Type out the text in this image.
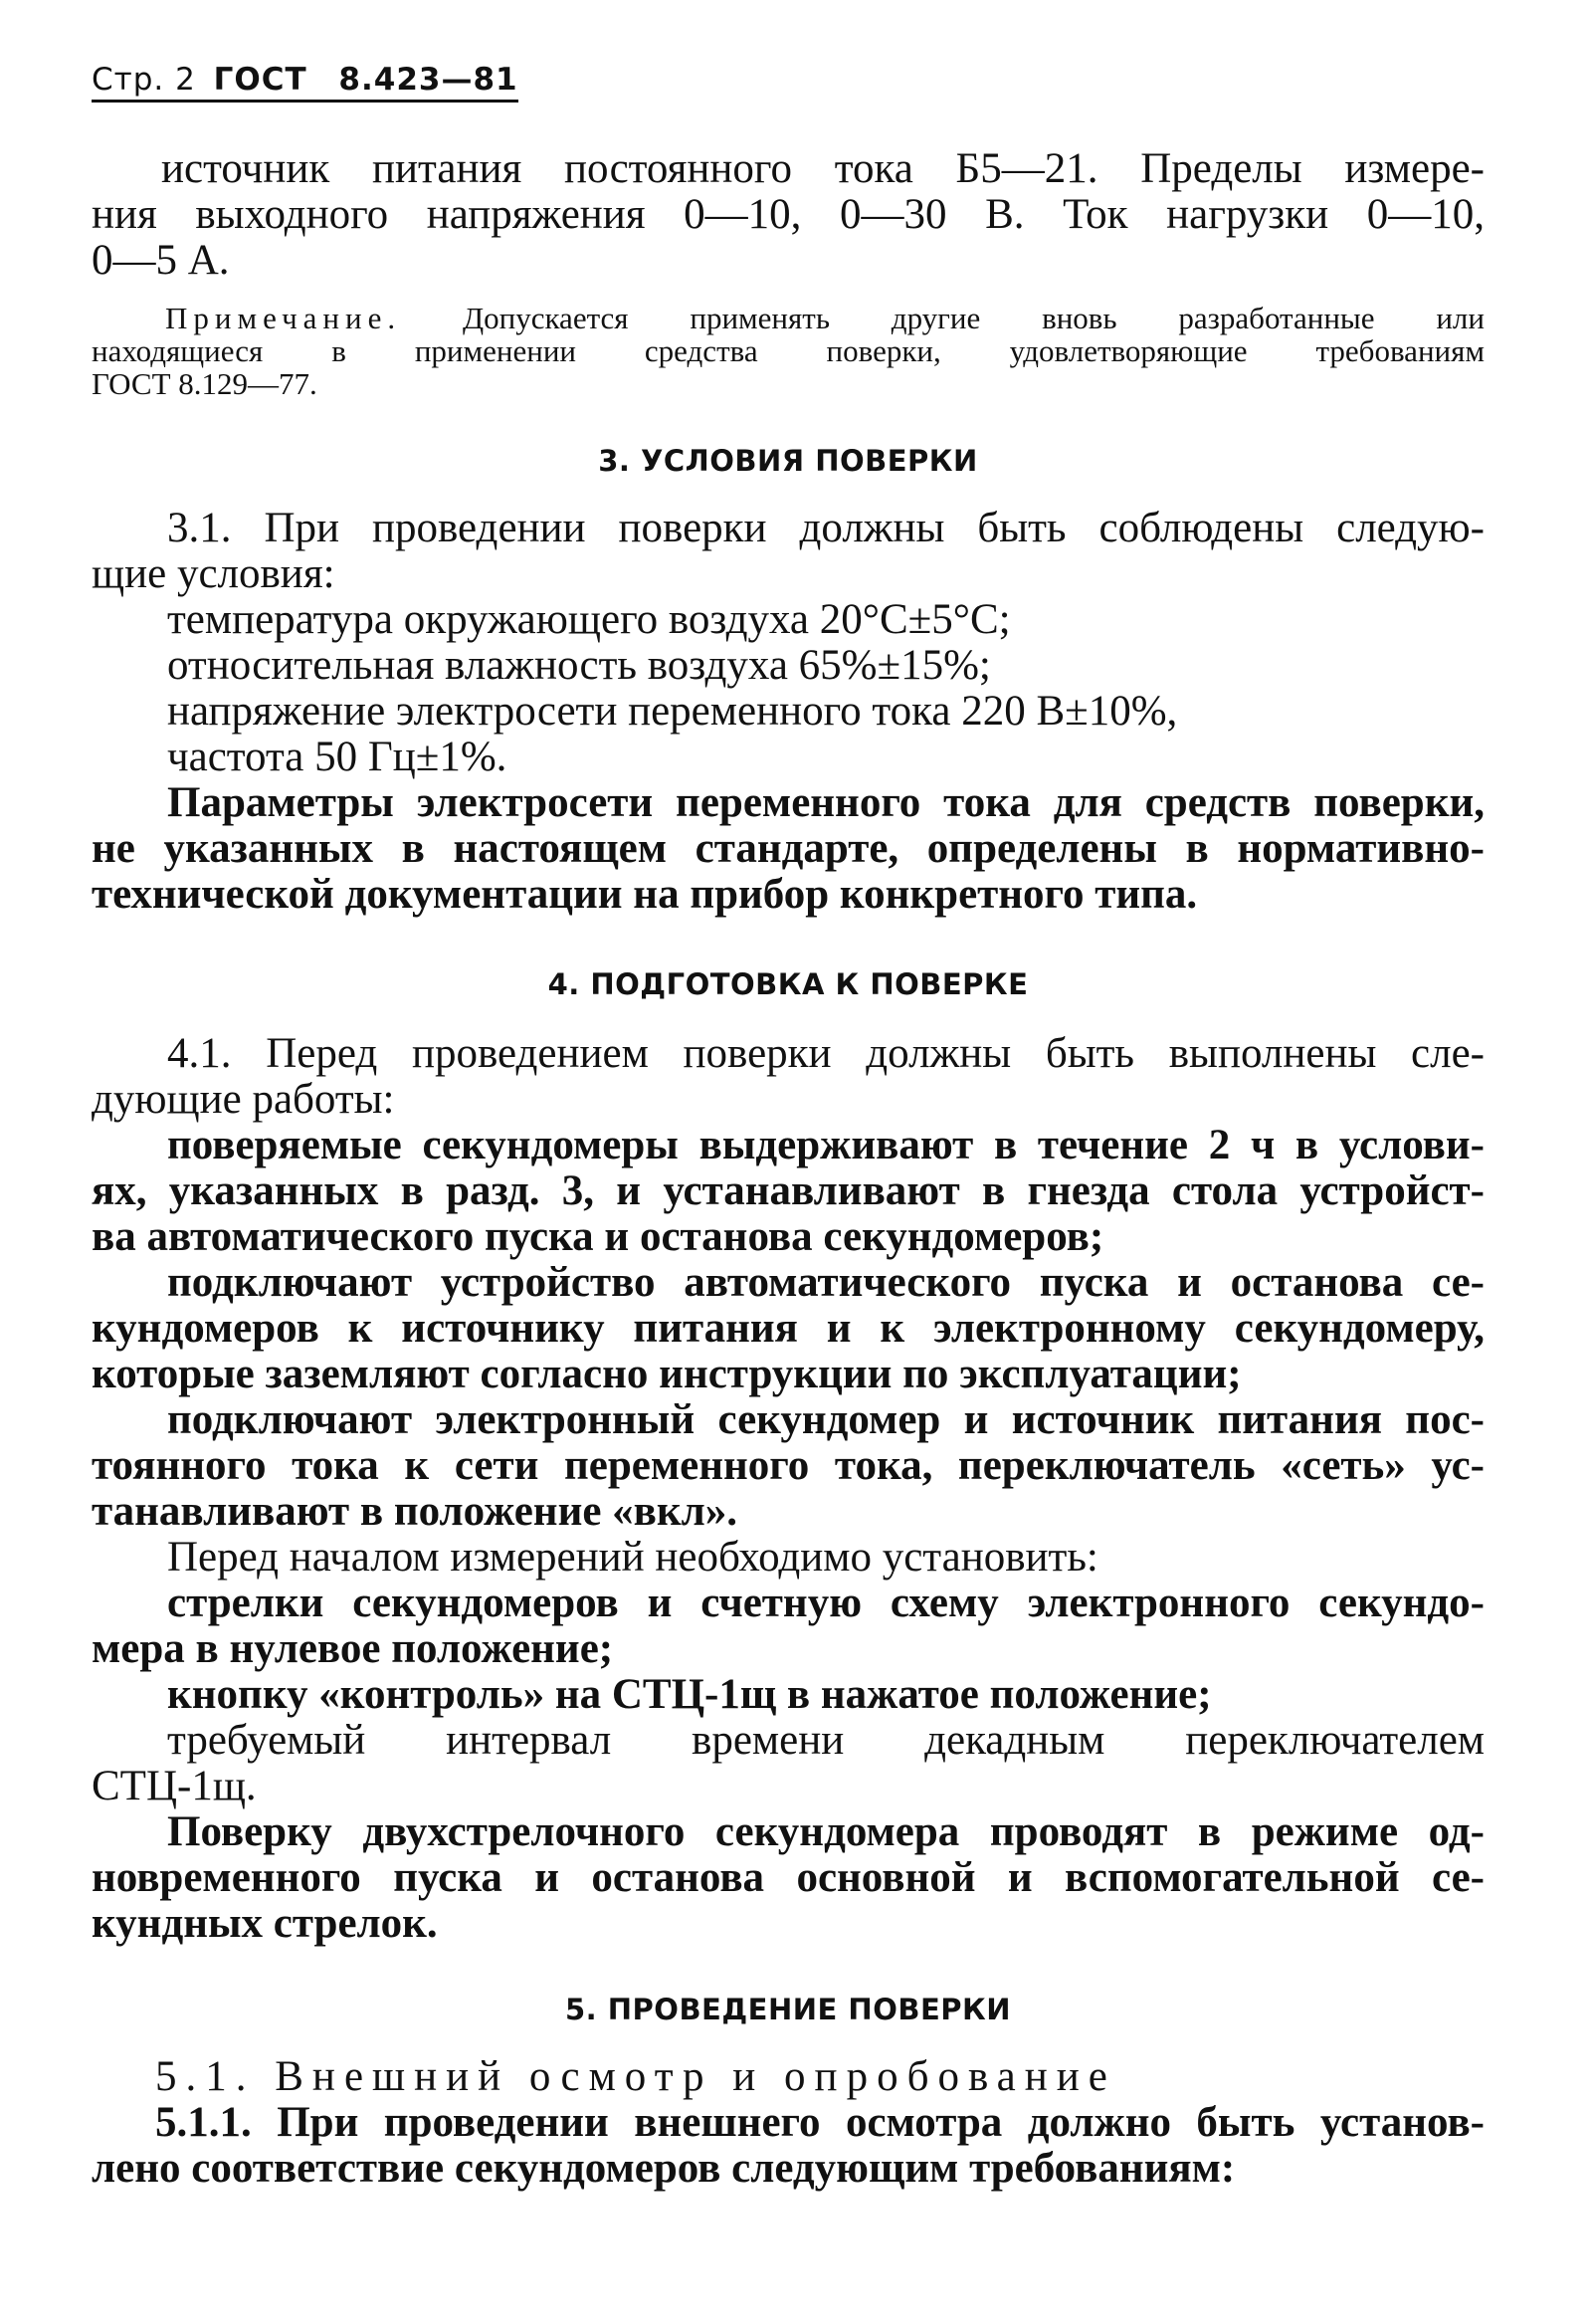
Стр. 2 ГОСТ 8.423—81
источник питания постоянного тока Б5—21. Пределы измере-
ния выходного напряжения 0—10, 0—30 В. Ток нагрузки 0—10,
0—5 А.
Примечание. Допускается применять другие вновь разработанные или
находящиеся в применении средства поверки, удовлетворяющие требованиям
ГОСТ 8.129—77.
3. УСЛОВИЯ ПОВЕРКИ
3.1. При проведении поверки должны быть соблюдены следую-
щие условия:
температура окружающего воздуха 20°С±5°С;
относительная влажность воздуха 65%±15%;
напряжение электросети переменного тока 220 В±10%,
частота 50 Гц±1%.
Параметры электросети переменного тока для средств поверки,
не указанных в настоящем стандарте, определены в нормативно-
технической документации на прибор конкретного типа.
4. ПОДГОТОВКА К ПОВЕРКЕ
4.1. Перед проведением поверки должны быть выполнены сле-
дующие работы:
поверяемые секундомеры выдерживают в течение 2 ч в услови-
ях, указанных в разд. 3, и устанавливают в гнезда стола устройст-
ва автоматического пуска и останова секундомеров;
подключают устройство автоматического пуска и останова се-
кундомеров к источнику питания и к электронному секундомеру,
которые заземляют согласно инструкции по эксплуатации;
подключают электронный секундомер и источник питания пос-
тоянного тока к сети переменного тока, переключатель «сеть» ус-
танавливают в положение «вкл».
Перед началом измерений необходимо установить:
стрелки секундомеров и счетную схему электронного секундо-
мера в нулевое положение;
кнопку «контроль» на СТЦ-1щ в нажатое положение;
требуемый интервал времени декадным переключателем
СТЦ-1щ.
Поверку двухстрелочного секундомера проводят в режиме од-
новременного пуска и останова основной и вспомогательной се-
кундных стрелок.
5. ПРОВЕДЕНИЕ ПОВЕРКИ
5.1. Внешний осмотр и опробование
5.1.1. При проведении внешнего осмотра должно быть установ-
лено соответствие секундомеров следующим требованиям:
